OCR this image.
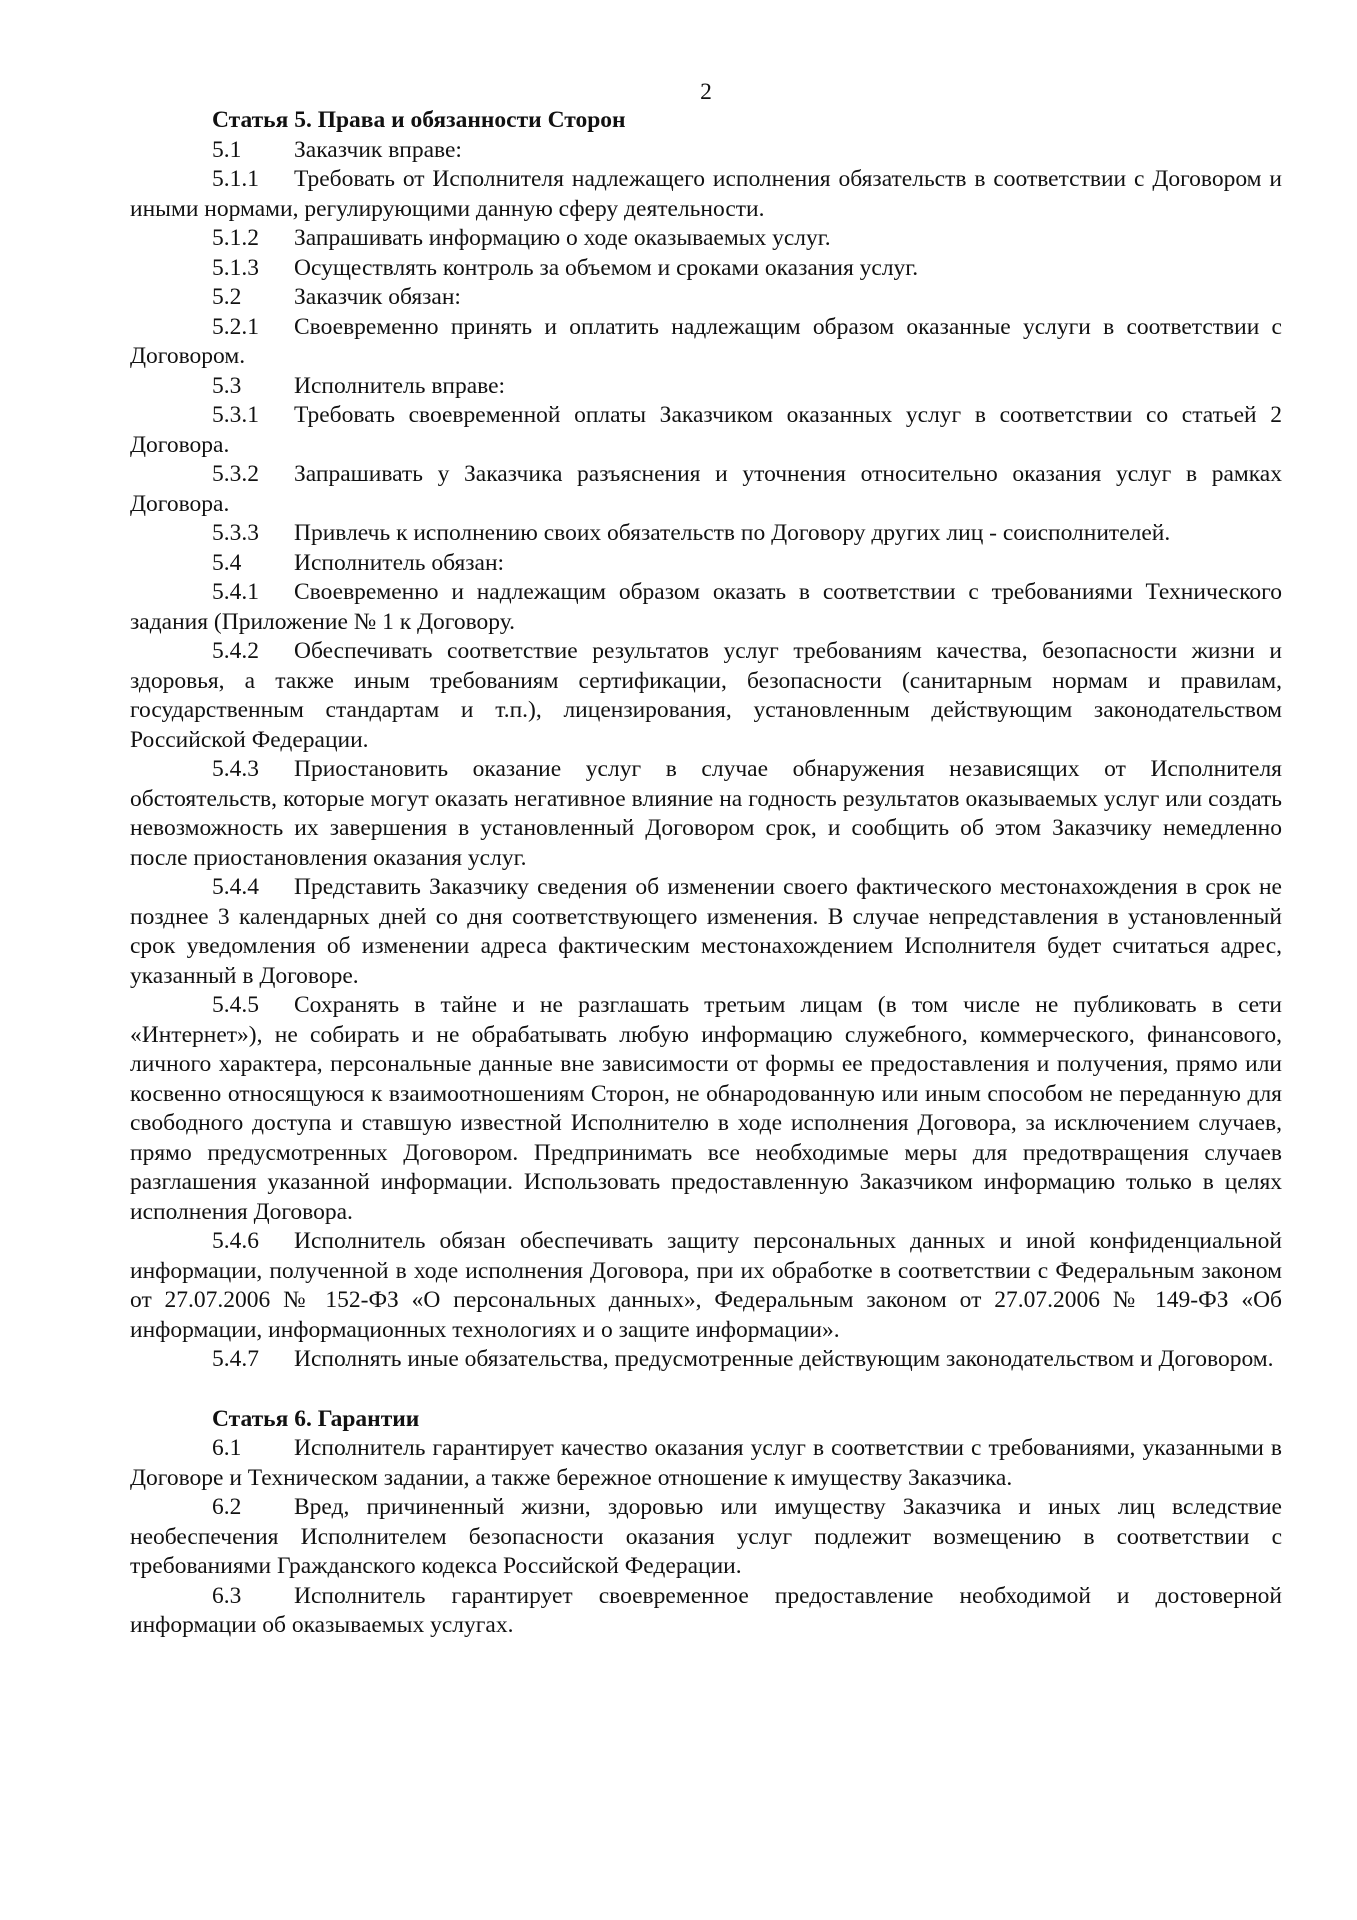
2

Статья 5. Права и обязанности Сторон

5.1 Заказчик вправе:

5.1.1 Требовать от Исполнителя надлежащего исполнения обязательств в соответствии с Договором и иными нормами, регулирующими данную сферу деятельности.

5.1.2 Запрашивать информацию о ходе оказываемых услуг.

5.1.3 Осуществлять контроль за объемом и сроками оказания услуг.

5.2 Заказчик обязан:

5.2.1 Своевременно принять и оплатить надлежащим образом оказанные услуги в соответствии с Договором.

5.3 Исполнитель вправе:

5.3.1 Требовать своевременной оплаты Заказчиком оказанных услуг в соответствии со статьей 2 Договора.

5.3.2 Запрашивать у Заказчика разъяснения и уточнения относительно оказания услуг в рамках Договора.

5.3.3 Привлечь к исполнению своих обязательств по Договору других лиц - соисполнителей.

5.4 Исполнитель обязан:

5.4.1 Своевременно и надлежащим образом оказать в соответствии с требованиями Технического задания (Приложение № 1 к Договору.

5.4.2 Обеспечивать соответствие результатов услуг требованиям качества, безопасности жизни и здоровья, а также иным требованиям сертификации, безопасности (санитарным нормам и правилам, государственным стандартам и т.п.), лицензирования, установленным действующим законодательством Российской Федерации.

5.4.3 Приостановить оказание услуг в случае обнаружения независящих от Исполнителя обстоятельств, которые могут оказать негативное влияние на годность результатов оказываемых услуг или создать невозможность их завершения в установленный Договором срок, и сообщить об этом Заказчику немедленно после приостановления оказания услуг.

5.4.4 Представить Заказчику сведения об изменении своего фактического местонахождения в срок не позднее 3 календарных дней со дня соответствующего изменения. В случае непредставления в установленный срок уведомления об изменении адреса фактическим местонахождением Исполнителя будет считаться адрес, указанный в Договоре.

5.4.5 Сохранять в тайне и не разглашать третьим лицам (в том числе не публиковать в сети «Интернет»), не собирать и не обрабатывать любую информацию служебного, коммерческого, финансового, личного характера, персональные данные вне зависимости от формы ее предоставления и получения, прямо или косвенно относящуюся к взаимоотношениям Сторон, не обнародованную или иным способом не переданную для свободного доступа и ставшую известной Исполнителю в ходе исполнения Договора, за исключением случаев, прямо предусмотренных Договором. Предпринимать все необходимые меры для предотвращения случаев разглашения указанной информации. Использовать предоставленную Заказчиком информацию только в целях исполнения Договора.

5.4.6 Исполнитель обязан обеспечивать защиту персональных данных и иной конфиденциальной информации, полученной в ходе исполнения Договора, при их обработке в соответствии с Федеральным законом от 27.07.2006 № 152-ФЗ «О персональных данных», Федеральным законом от 27.07.2006 № 149-ФЗ «Об информации, информационных технологиях и о защите информации».

5.4.7 Исполнять иные обязательства, предусмотренные действующим законодательством и Договором.

Статья 6. Гарантии

6.1 Исполнитель гарантирует качество оказания услуг в соответствии с требованиями, указанными в Договоре и Техническом задании, а также бережное отношение к имуществу Заказчика.

6.2 Вред, причиненный жизни, здоровью или имуществу Заказчика и иных лиц вследствие необеспечения Исполнителем безопасности оказания услуг подлежит возмещению в соответствии с требованиями Гражданского кодекса Российской Федерации.

6.3 Исполнитель гарантирует своевременное предоставление необходимой и достоверной информации об оказываемых услугах.
